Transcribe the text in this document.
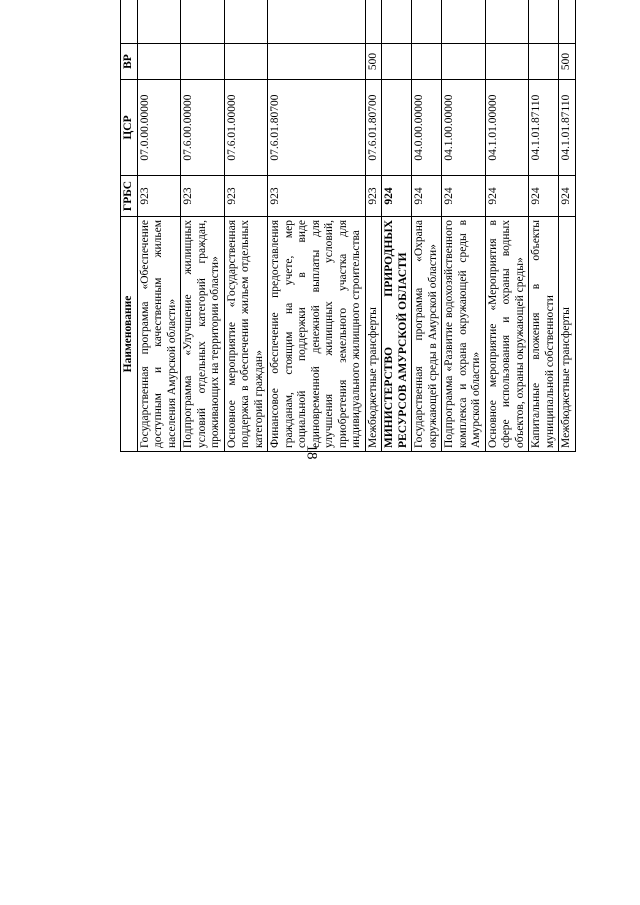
18
Наименование	ГРБС	ЦСР	ВР			
Государственная программа «Обеспечение доступным и качественным жильем населения Амурской области»	923	07.0.00.00000				
Подпрограмма «Улучшение жилищных условий отдельных категорий граждан, проживающих на территории области»	923	07.6.00.00000				
Основное мероприятие «Государственная поддержка в обеспечении жильем отдельных категорий граждан»	923	07.6.01.00000				
Финансовое обеспечение предоставления гражданам, стоящим на учете, мер социальной поддержки в виде единовременной денежной выплаты для улучшения жилищных условий, приобретения земельного участка для индивидуального жилищного строительства	923	07.6.01.80700				
Межбюджетные трансферты	923	07.6.01.80700	500			
МИНИСТЕРСТВО ПРИРОДНЫХ РЕСУРСОВ АМУРСКОЙ ОБЛАСТИ	924					
Государственная программа «Охрана окружающей среды в Амурской области»	924	04.0.00.00000				
Подпрограмма «Развитие водохозяйственного комплекса и охрана окружающей среды в Амурской области»	924	04.1.00.00000				
Основное мероприятие «Мероприятия в сфере использования и охраны водных объектов, охраны окружающей среды»	924	04.1.01.00000				
Капитальные вложения в объекты муниципальной собственности	924	04.1.01.87110				
Межбюджетные трансферты	924	04.1.01.87110	500			
